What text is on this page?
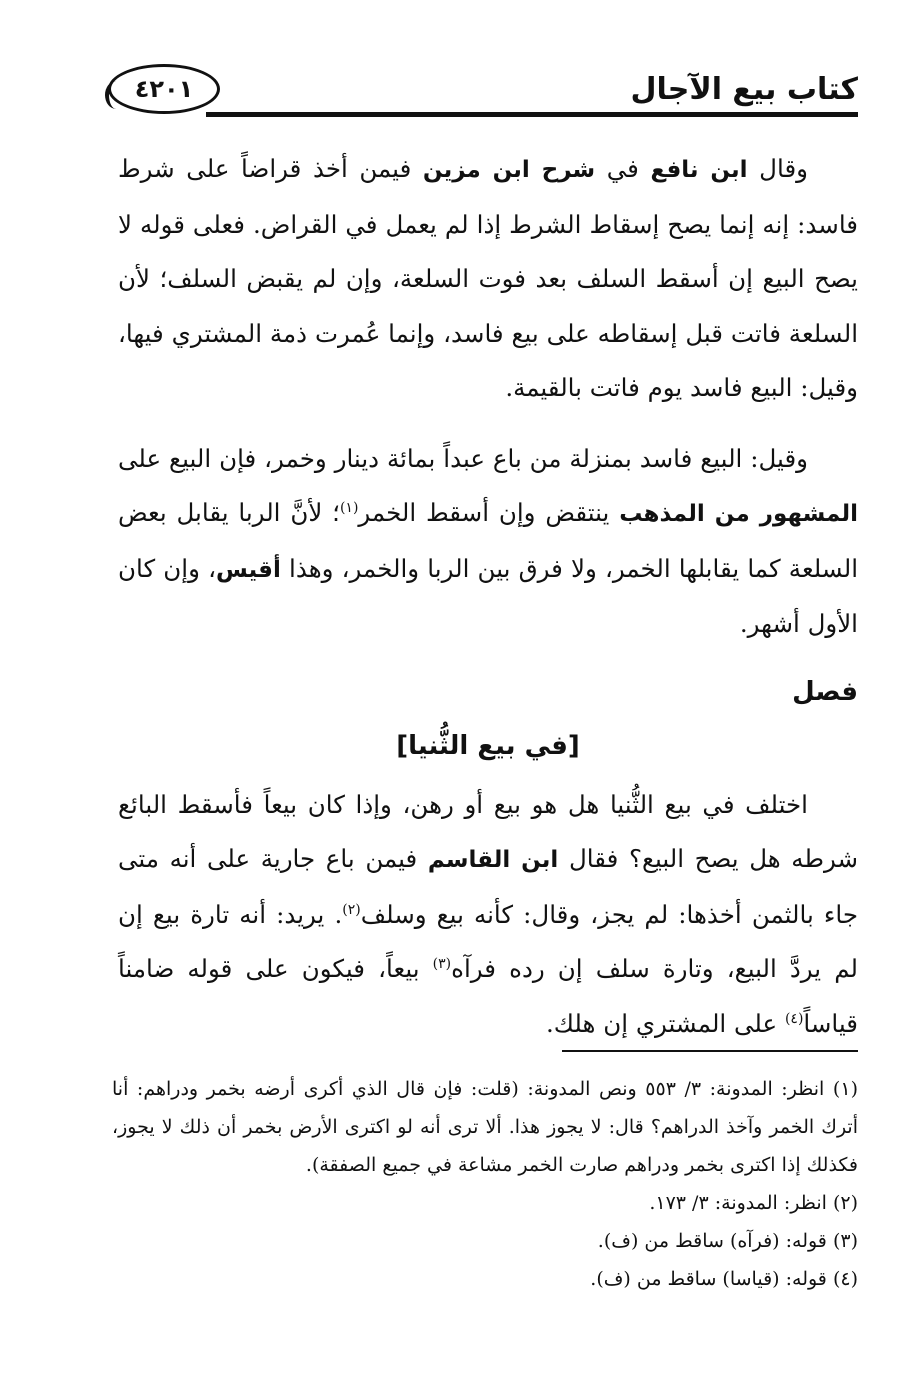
كتاب بيع الآجال
٤٢٠١

وقال ابن نافع في شرح ابن مزين فيمن أخذ قراضاً على شرط فاسد: إنه إنما يصح إسقاط الشرط إذا لم يعمل في القراض. فعلى قوله لا يصح البيع إن أسقط السلف بعد فوت السلعة، وإن لم يقبض السلف؛ لأن السلعة فاتت قبل إسقاطه على بيع فاسد، وإنما عُمرت ذمة المشتري فيها، وقيل: البيع فاسد يوم فاتت بالقيمة.

وقيل: البيع فاسد بمنزلة من باع عبداً بمائة دينار وخمر، فإن البيع على المشهور من المذهب ينتقض وإن أسقط الخمر$^{(١)}$؛ لأنَّ الربا يقابل بعض السلعة كما يقابلها الخمر، ولا فرق بين الربا والخمر، وهذا أقيس، وإن كان الأول أشهر.

فصل

[في بيع الثُّنيا]

اختلف في بيع الثُّنيا هل هو بيع أو رهن، وإذا كان بيعاً فأسقط البائع شرطه هل يصح البيع؟ فقال ابن القاسم فيمن باع جارية على أنه متى جاء بالثمن أخذها: لم يجز، وقال: كأنه بيع وسلف$^{(٢)}$. يريد: أنه تارة بيع إن لم يردَّ البيع، وتارة سلف إن رده فرآه$^{(٣)}$ بيعاً، فيكون على قوله ضامناً قياساً$^{(٤)}$ على المشتري إن هلك.

(١) انظر: المدونة: ٣/ ٥٥٣ ونص المدونة: (قلت: فإن قال الذي أكرى أرضه بخمر ودراهم: أنا أترك الخمر وآخذ الدراهم؟ قال: لا يجوز هذا. ألا ترى أنه لو اكترى الأرض بخمر أن ذلك لا يجوز، فكذلك إذا اكترى بخمر ودراهم صارت الخمر مشاعة في جميع الصفقة).

(٢) انظر: المدونة: ٣/ ١٧٣.

(٣) قوله: (فرآه) ساقط من (ف).

(٤) قوله: (قياسا) ساقط من (ف).
